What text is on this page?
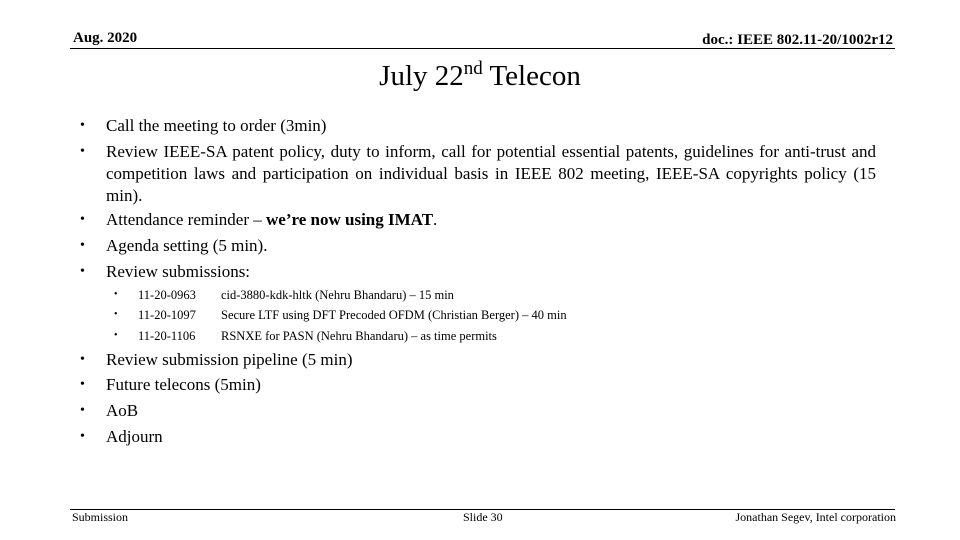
Aug. 2020	doc.: IEEE 802.11-20/1002r12
July 22nd Telecon
• Call the meeting to order (3min)
• Review IEEE-SA patent policy, duty to inform, call for potential essential patents, guidelines for anti-trust and competition laws and participation on individual basis in IEEE 802 meeting, IEEE-SA copyrights policy (15 min).
• Attendance reminder – we’re now using IMAT.
• Agenda setting (5 min).
• Review submissions:
• 11-20-0963 cid-3880-kdk-hltk (Nehru Bhandaru) – 15 min
• 11-20-1097 Secure LTF using DFT Precoded OFDM (Christian Berger) – 40 min
• 11-20-1106 RSNXE for PASN (Nehru Bhandaru) – as time permits
• Review submission pipeline (5 min)
• Future telecons (5min)
• AoB
• Adjourn
Submission	Slide 30	Jonathan Segev, Intel corporation
